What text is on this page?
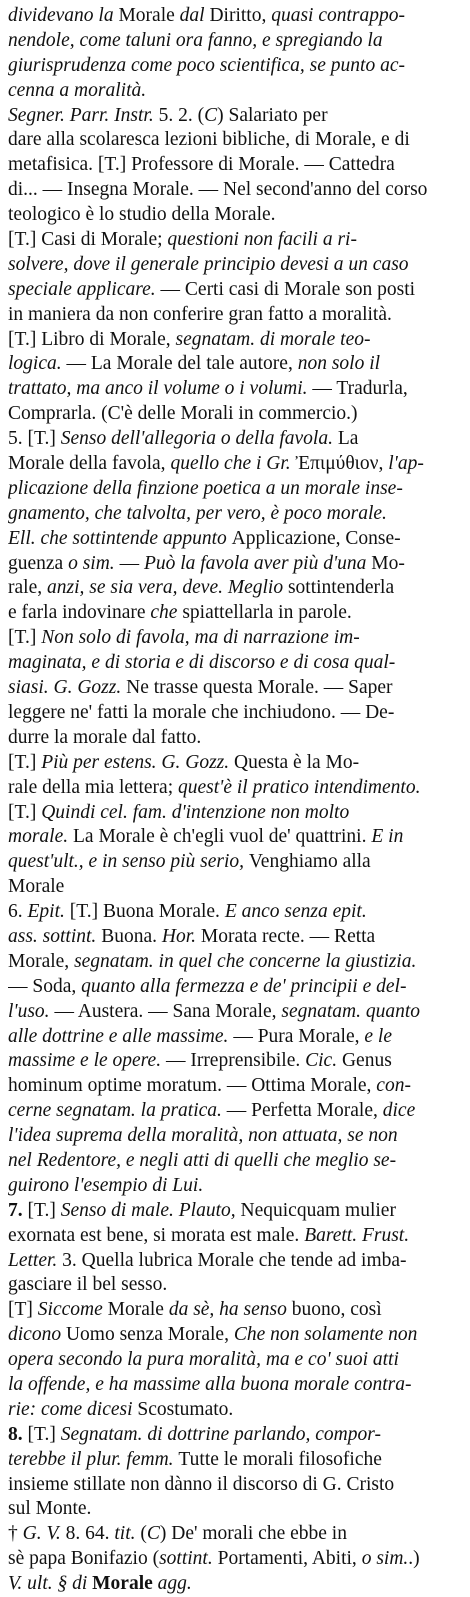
dividevano la Morale dal Diritto, quasi contrappo-
nendole, come taluni ora fanno, e spregiando la
giurisprudenza come poco scientifica, se punto ac-
cenna a moralità.
Segner. Parr. Instr. 5. 2. (C) Salariato per
dare alla scolaresca lezioni bibliche, di Morale, e di
metafisica. [T.] Professore di Morale. — Cattedra
di... — Insegna Morale. — Nel second'anno del corso
teologico è lo studio della Morale.
[T.] Casi di Morale; questioni non facili a ri-
solvere, dove il generale principio devesi a un caso
speciale applicare. — Certi casi di Morale son posti
in maniera da non conferire gran fatto a moralità.
[T.] Libro di Morale, segnatam. di morale teo-
logica. — La Morale del tale autore, non solo il
trattato, ma anco il volume o i volumi. — Tradurla,
Comprarla. (C'è delle Morali in commercio.)
5. [T.] Senso dell'allegoria o della favola. La
Morale della favola, quello che i Gr. Ἐπιμύθιον, l'ap-
plicazione della finzione poetica a un morale inse-
gnamento, che talvolta, per vero, è poco morale.
Ell. che sottintende appunto Applicazione, Conse-
guenza o sim. — Può la favola aver più d'una Mo-
rale, anzi, se sia vera, deve. Meglio sottintenderla
e farla indovinare che spiattellarla in parole.
[T.] Non solo di favola, ma di narrazione im-
maginata, e di storia e di discorso e di cosa qual-
siasi. G. Gozz. Ne trasse questa Morale. — Saper
leggere ne' fatti la morale che inchiudono. — De-
durre la morale dal fatto.
[T.] Più per estens. G. Gozz. Questa è la Mo-
rale della mia lettera; quest'è il pratico intendimento.
[T.] Quindi cel. fam. d'intenzione non molto
morale. La Morale è ch'egli vuol de' quattrini. E in
quest'ult., e in senso più serio, Venghiamo alla
Morale
6. Epit. [T.] Buona Morale. E anco senza epit.
ass. sottint. Buona. Hor. Morata recte. — Retta
Morale, segnatam. in quel che concerne la giustizia.
— Soda, quanto alla fermezza e de' principii e del-
l'uso. — Austera. — Sana Morale, segnatam. quanto
alle dottrine e alle massime. — Pura Morale, e le
massime e le opere. — Irreprensibile. Cic. Genus
hominum optime moratum. — Ottima Morale, con-
cerne segnatam. la pratica. — Perfetta Morale, dice
l'idea suprema della moralità, non attuata, se non
nel Redentore, e negli atti di quelli che meglio se-
guirono l'esempio di Lui.
7. [T.] Senso di male. Plauto, Nequicquam mulier
exornata est bene, si morata est male. Barett. Frust.
Letter. 3. Quella lubrica Morale che tende ad imba-
gasciare il bel sesso.
[T] Siccome Morale da sè, ha senso buono, così
dicono Uomo senza Morale, Che non solamente non
opera secondo la pura moralità, ma e co' suoi atti
la offende, e ha massime alla buona morale contra-
rie: come dicesi Scostumato.
8. [T.] Segnatam. di dottrine parlando, compor-
terebbe il plur. femm. Tutte le morali filosofiche
insieme stillate non dànno il discorso di G. Cristo
sul Monte.
† G. V. 8. 64. tit. (C) De' morali che ebbe in
sè papa Bonifazio (sottint. Portamenti, Abiti, o sim..)
V. ult. § di Morale agg.
